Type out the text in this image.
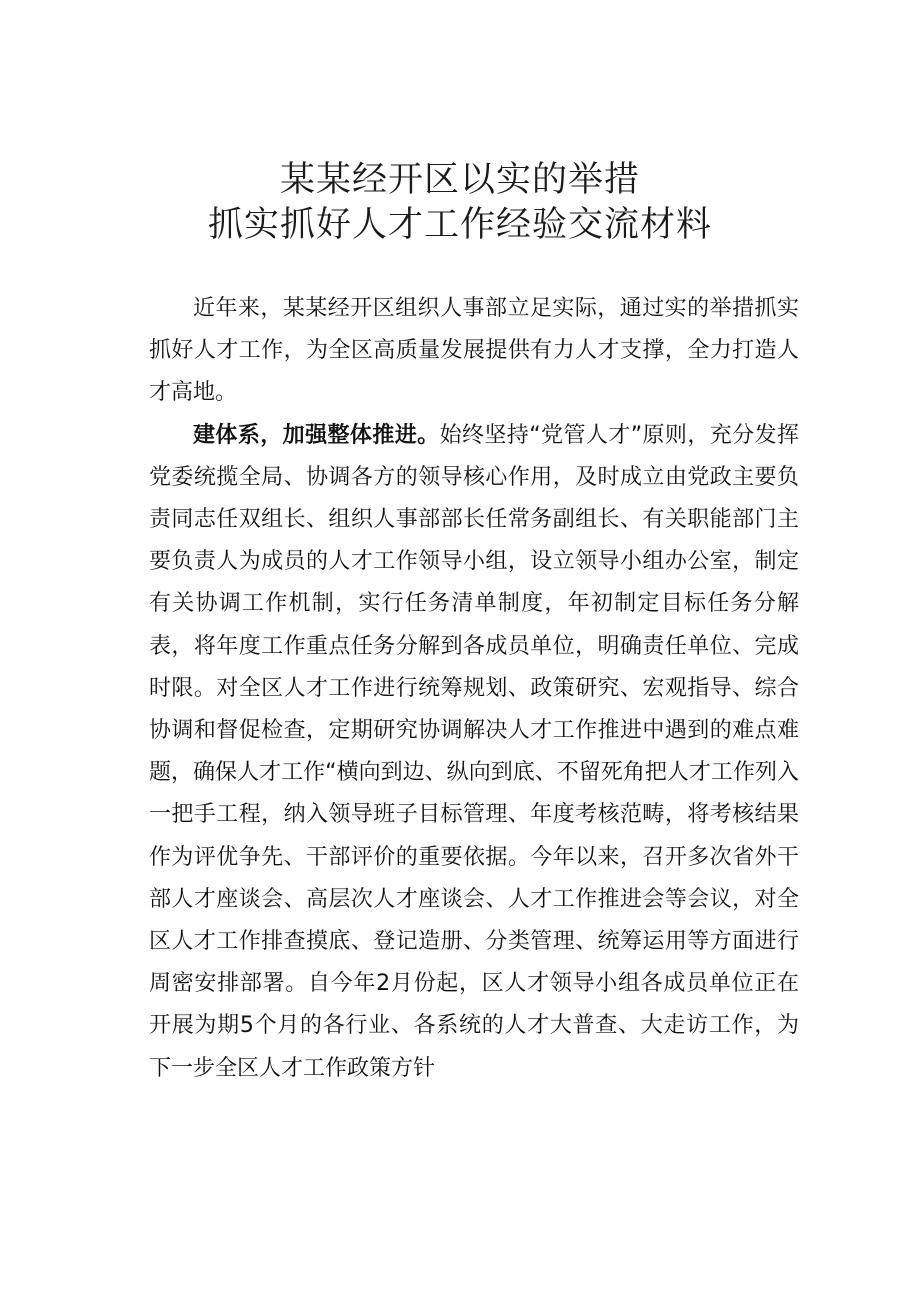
某某经开区以实的举措
抓实抓好人才工作经验交流材料

近年来，某某经开区组织人事部立足实际，通过实的举措抓实抓好人才工作，为全区高质量发展提供有力人才支撑，全力打造人才高地。

建体系，加强整体推进。始终坚持“党管人才”原则，充分发挥党委统揽全局、协调各方的领导核心作用，及时成立由党政主要负责同志任双组长、组织人事部部长任常务副组长、有关职能部门主要负责人为成员的人才工作领导小组，设立领导小组办公室，制定有关协调工作机制，实行任务清单制度，年初制定目标任务分解表，将年度工作重点任务分解到各成员单位，明确责任单位、完成时限。对全区人才工作进行统筹规划、政策研究、宏观指导、综合协调和督促检查，定期研究协调解决人才工作推进中遇到的难点难题，确保人才工作“横向到边、纵向到底、不留死角把人才工作列入一把手工程，纳入领导班子目标管理、年度考核范畴，将考核结果作为评优争先、干部评价的重要依据。今年以来，召开多次省外干部人才座谈会、高层次人才座谈会、人才工作推进会等会议，对全区人才工作排查摸底、登记造册、分类管理、统筹运用等方面进行周密安排部署。自今年2月份起，区人才领导小组各成员单位正在开展为期5个月的各行业、各系统的人才大普查、大走访工作，为下一步全区人才工作政策方针
